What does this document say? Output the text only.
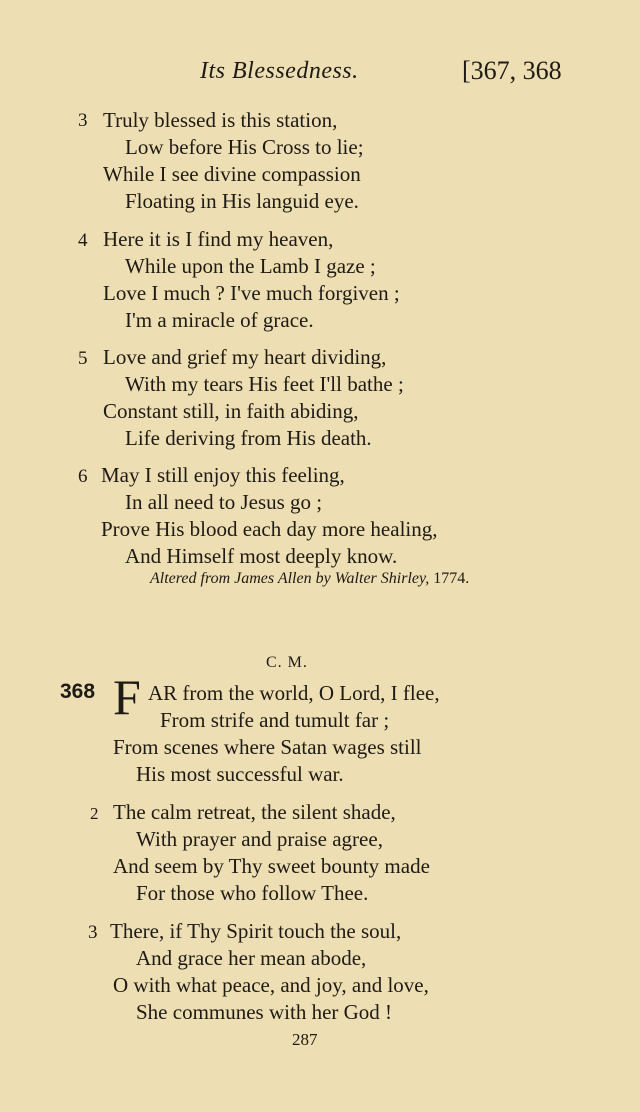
Its Blessedness.	[367, 368
3 Truly blessed is this station,
Low before His Cross to lie;
While I see divine compassion
Floating in His languid eye.
4 Here it is I find my heaven,
While upon the Lamb I gaze ;
Love I much ? I've much forgiven ;
I'm a miracle of grace.
5 Love and grief my heart dividing,
With my tears His feet I'll bathe ;
Constant still, in faith abiding,
Life deriving from His death.
6 May I still enjoy this feeling,
In all need to Jesus go ;
Prove His blood each day more healing,
And Himself most deeply know.
Altered from James Allen by Walter Shirley, 1774.
C. M.
368 F AR from the world, O Lord, I flee,
From strife and tumult far ;
From scenes where Satan wages still
His most successful war.
2 The calm retreat, the silent shade,
With prayer and praise agree,
And seem by Thy sweet bounty made
For those who follow Thee.
3 There, if Thy Spirit touch the soul,
And grace her mean abode,
O with what peace, and joy, and love,
She communes with her God !
287
